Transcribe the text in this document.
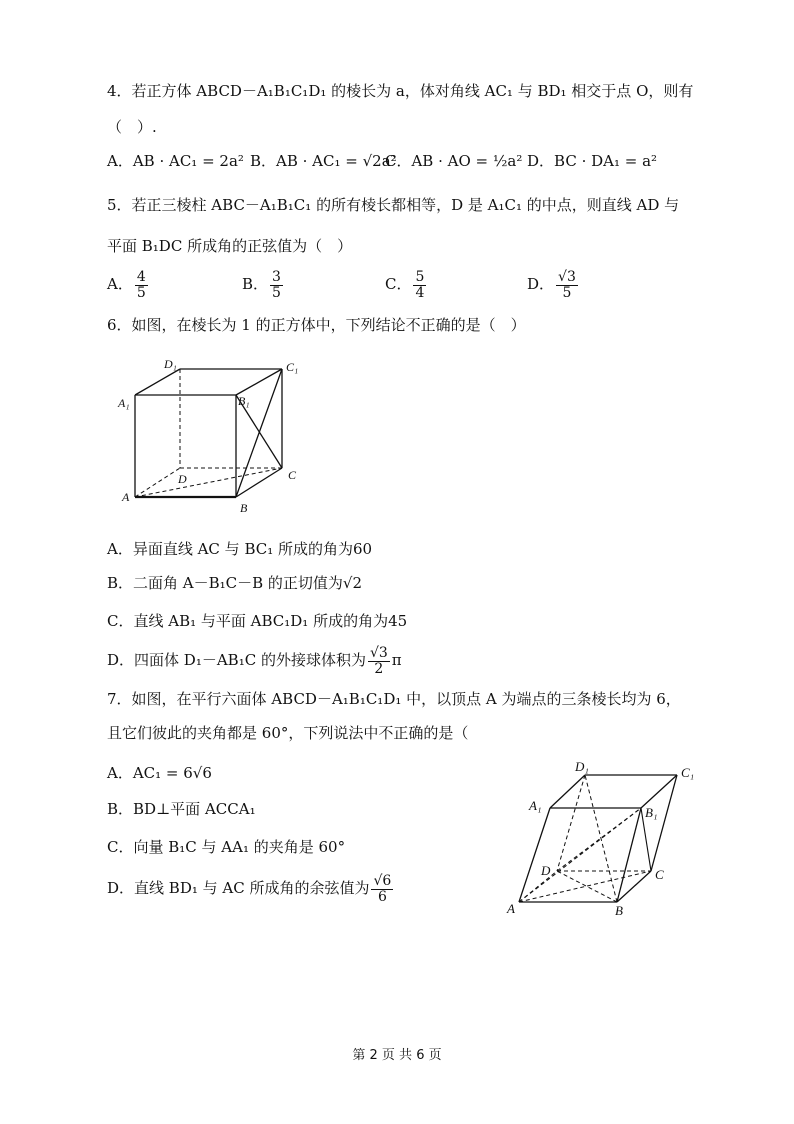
4．若正方体 ABCD－A₁B₁C₁D₁ 的棱长为 a，体对角线 AC₁ 与 BD₁ 相交于点 O，则有
（　）.
A．AB · AC₁ = 2a² B．AB · AC₁ = √2a²
C．AB · AO = ½a² D．BC · DA₁ = a²
5．若正三棱柱 ABC－A₁B₁C₁ 的所有棱长都相等，D 是 A₁C₁ 的中点，则直线 AD 与
平面 B₁DC 所成角的正弦值为（　）
A． $\frac{4}{5}$	B． $\frac{3}{5}$	C． $\frac{5}{4}$	D． $\frac{√3}{5}$
6．如图，在棱长为 1 的正方体中，下列结论不正确的是（　）
D₁	C₁
A₁	B₁
D	C
A
B
A．异面直线 AC 与 BC₁ 所成的角为60
B．二面角 A－B₁C－B 的正切值为√2
C．直线 AB₁ 与平面 ABC₁D₁ 所成的角为45
D．四面体 D₁－AB₁C 的外接球体积为 $\frac{√3}{2}$ π
7．如图，在平行六面体 ABCD－A₁B₁C₁D₁ 中，以顶点 A 为端点的三条棱长均为 6，
且它们彼此的夹角都是 60°，下列说法中不正确的是（
A．AC₁ = 6√6
B．BD⊥平面 ACCA₁
C．向量 B₁C 与 AA₁ 的夹角是 60°
D．直线 BD₁ 与 AC 所成角的余弦值为 $\frac{√6}{6}$
D₁	C₁
A₁	B₁
D	C
A	B
第 2 页 共 6 页
